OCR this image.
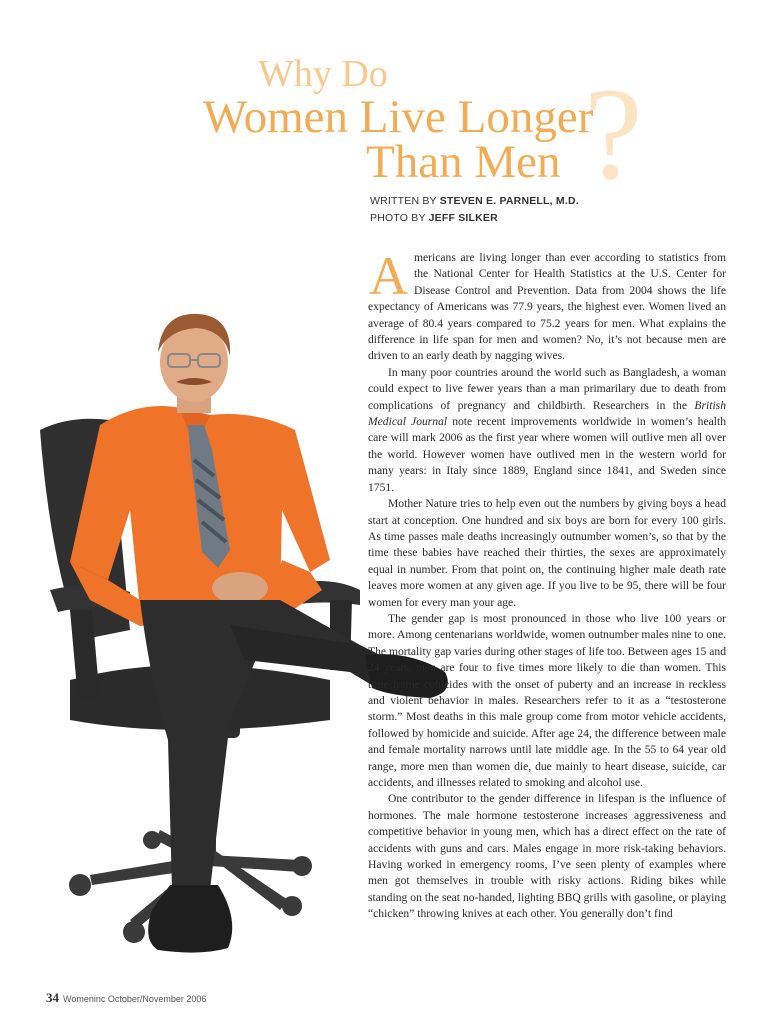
?
Why Do
Women Live Longer
Than Men
WRITTEN BY STEVEN E. PARNELL, M.D.
PHOTO BY JEFF SILKER

Americans are living longer than ever according to statistics from the National Center for Health Statistics at the U.S. Center for Disease Control and Prevention. Data from 2004 shows the life expectancy of Americans was 77.9 years, the highest ever. Women lived an average of 80.4 years compared to 75.2 years for men. What explains the difference in life span for men and women? No, it’s not because men are driven to an early death by nagging wives.

In many poor countries around the world such as Bangladesh, a woman could expect to live fewer years than a man primarilary due to death from complications of pregnancy and childbirth. Researchers in the British Medical Journal note recent improvements worldwide in women’s health care will mark 2006 as the first year where women will outlive men all over the world. However women have outlived men in the western world for many years: in Italy since 1889, England since 1841, and Sweden since 1751.

Mother Nature tries to help even out the numbers by giving boys a head start at conception. One hundred and six boys are born for every 100 girls. As time passes male deaths increasingly outnumber women’s, so that by the time these babies have reached their thirties, the sexes are approximately equal in number. From that point on, the continuing higher male death rate leaves more women at any given age. If you live to be 95, there will be four women for every man your age.

The gender gap is most pronounced in those who live 100 years or more. Among centenarians worldwide, women outnumber males nine to one. The mortality gap varies during other stages of life too. Between ages 15 and 24 years, men are four to five times more likely to die than women. This time frame coincides with the onset of puberty and an increase in reckless and violent behavior in males. Researchers refer to it as a “testosterone storm.” Most deaths in this male group come from motor vehicle accidents, followed by homicide and suicide. After age 24, the difference between male and female mortality narrows until late middle age. In the 55 to 64 year old range, more men than women die, due mainly to heart disease, suicide, car accidents, and illnesses related to smoking and alcohol use.

One contributor to the gender difference in lifespan is the influence of hormones. The male hormone testosterone increases aggressiveness and competitive behavior in young men, which has a direct effect on the rate of accidents with guns and cars. Males engage in more risk-taking behaviors. Having worked in emergency rooms, I’ve seen plenty of examples where men got themselves in trouble with risky actions. Riding bikes while standing on the seat no-handed, lighting BBQ grills with gasoline, or playing “chicken” throwing knives at each other. You generally don’t find

34 Womeninc October/November 2006
